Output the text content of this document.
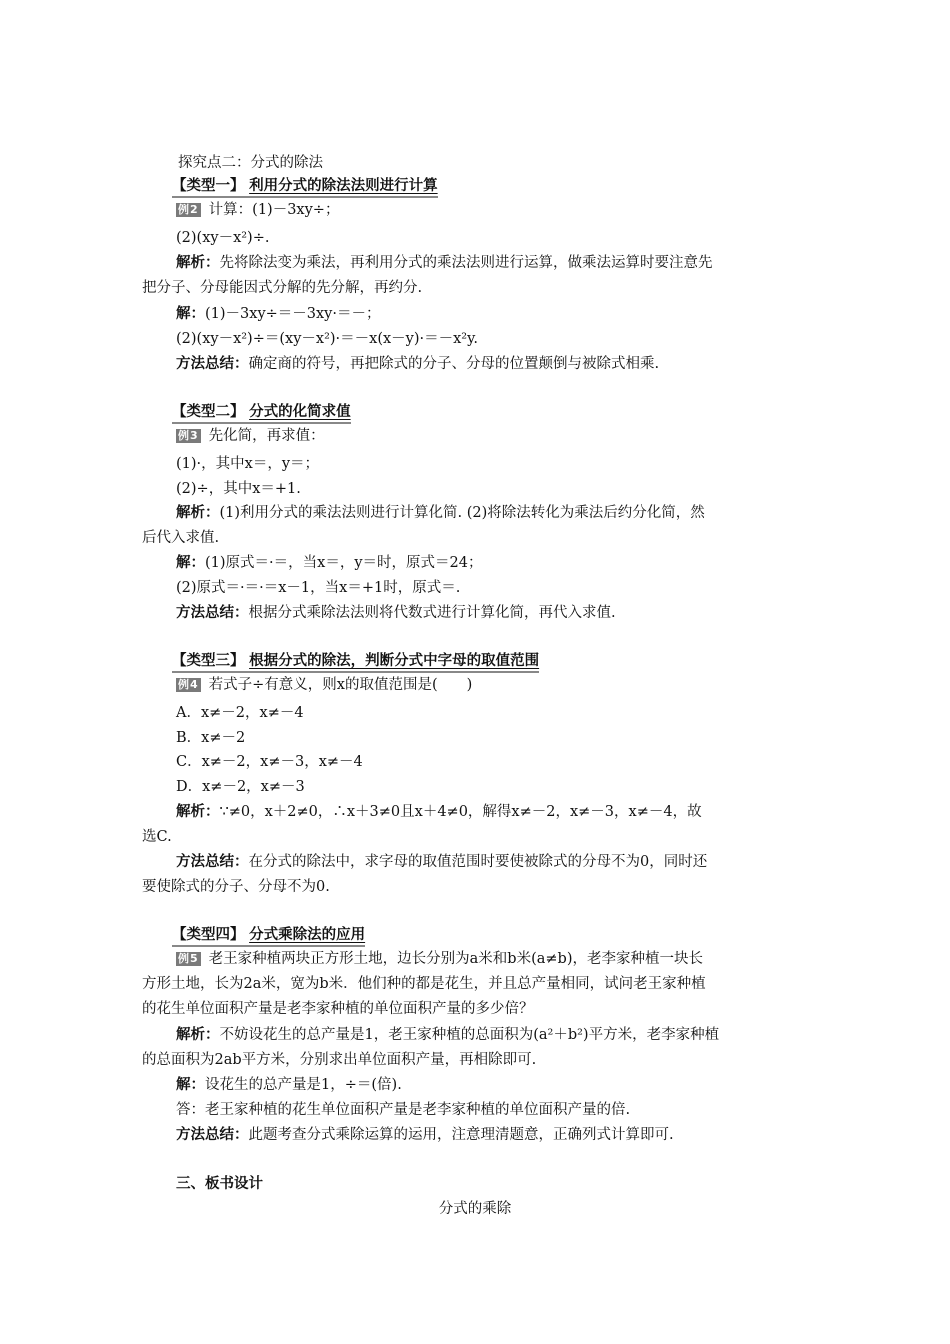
探究点二：分式的除法
【类型一】 利用分式的除法法则进行计算
例2 计算：(1)－3xy÷；
(2)(xy－x²)÷.
解析：先将除法变为乘法，再利用分式的乘法法则进行运算，做乘法运算时要注意先
把分子、分母能因式分解的先分解，再约分.
解：(1)－3xy÷＝－3xy·＝－；
(2)(xy－x²)÷＝(xy－x²)·＝－x(x－y)·＝－x²y.
方法总结：确定商的符号，再把除式的分子、分母的位置颠倒与被除式相乘.
【类型二】 分式的化简求值
例3 先化简，再求值：
(1)·，其中x＝，y＝；
(2)÷，其中x＝+1.
解析：(1)利用分式的乘法法则进行计算化简. (2)将除法转化为乘法后约分化简，然
后代入求值.
解：(1)原式＝·＝，当x＝，y＝时，原式＝24；
(2)原式＝·＝·＝x－1，当x＝+1时，原式＝.
方法总结：根据分式乘除法法则将代数式进行计算化简，再代入求值.
【类型三】 根据分式的除法，判断分式中字母的取值范围
例4 若式子÷有意义，则x的取值范围是(　　)
A．x≠－2，x≠－4
B．x≠－2
C．x≠－2，x≠－3，x≠－4
D．x≠－2，x≠－3
解析：∵≠0，x＋2≠0，∴x＋3≠0且x＋4≠0，解得x≠－2，x≠－3，x≠－4，故
选C.
方法总结：在分式的除法中，求字母的取值范围时要使被除式的分母不为0，同时还
要使除式的分子、分母不为0.
【类型四】 分式乘除法的应用
例5 老王家种植两块正方形土地，边长分别为a米和b米(a≠b)，老李家种植一块长
方形土地，长为2a米，宽为b米．他们种的都是花生，并且总产量相同，试问老王家种植
的花生单位面积产量是老李家种植的单位面积产量的多少倍？
解析：不妨设花生的总产量是1，老王家种植的总面积为(a²＋b²)平方米，老李家种植
的总面积为2ab平方米，分别求出单位面积产量，再相除即可.
解：设花生的总产量是1，÷＝(倍).
答：老王家种植的花生单位面积产量是老李家种植的单位面积产量的倍.
方法总结：此题考查分式乘除运算的运用，注意理清题意，正确列式计算即可.
三、板书设计
分式的乘除
